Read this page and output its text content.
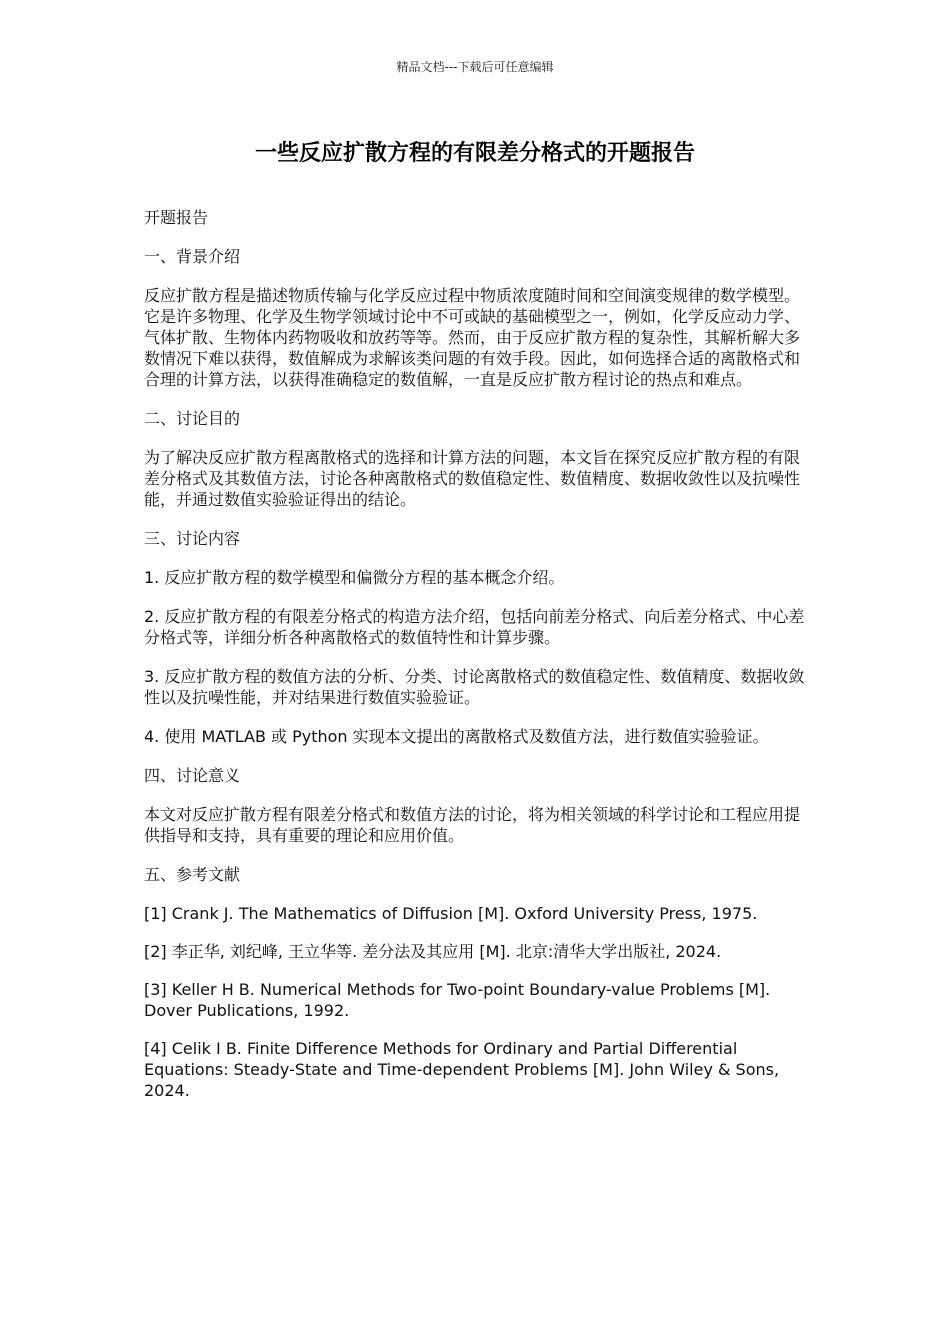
精品文档---下载后可任意编辑
一些反应扩散方程的有限差分格式的开题报告

开题报告

一、背景介绍

反应扩散方程是描述物质传输与化学反应过程中物质浓度随时间和空间演变规律的数学模型。它是许多物理、化学及生物学领域讨论中不可或缺的基础模型之一，例如，化学反应动力学、气体扩散、生物体内药物吸收和放药等等。然而，由于反应扩散方程的复杂性，其解析解大多数情况下难以获得，数值解成为求解该类问题的有效手段。因此，如何选择合适的离散格式和合理的计算方法，以获得准确稳定的数值解，一直是反应扩散方程讨论的热点和难点。

二、讨论目的

为了解决反应扩散方程离散格式的选择和计算方法的问题，本文旨在探究反应扩散方程的有限差分格式及其数值方法，讨论各种离散格式的数值稳定性、数值精度、数据收敛性以及抗噪性能，并通过数值实验验证得出的结论。

三、讨论内容

1. 反应扩散方程的数学模型和偏微分方程的基本概念介绍。

2. 反应扩散方程的有限差分格式的构造方法介绍，包括向前差分格式、向后差分格式、中心差分格式等，详细分析各种离散格式的数值特性和计算步骤。

3. 反应扩散方程的数值方法的分析、分类、讨论离散格式的数值稳定性、数值精度、数据收敛性以及抗噪性能，并对结果进行数值实验验证。

4. 使用 MATLAB 或 Python 实现本文提出的离散格式及数值方法，进行数值实验验证。

四、讨论意义

本文对反应扩散方程有限差分格式和数值方法的讨论，将为相关领域的科学讨论和工程应用提供指导和支持，具有重要的理论和应用价值。

五、参考文献

[1] Crank J. The Mathematics of Diffusion [M]. Oxford University Press, 1975.

[2] 李正华, 刘纪峰, 王立华等. 差分法及其应用 [M]. 北京:清华大学出版社, 2024.

[3] Keller H B. Numerical Methods for Two-point Boundary-value Problems [M]. Dover Publications, 1992.

[4] Celik I B. Finite Difference Methods for Ordinary and Partial Differential Equations: Steady-State and Time-dependent Problems [M]. John Wiley & Sons, 2024.
